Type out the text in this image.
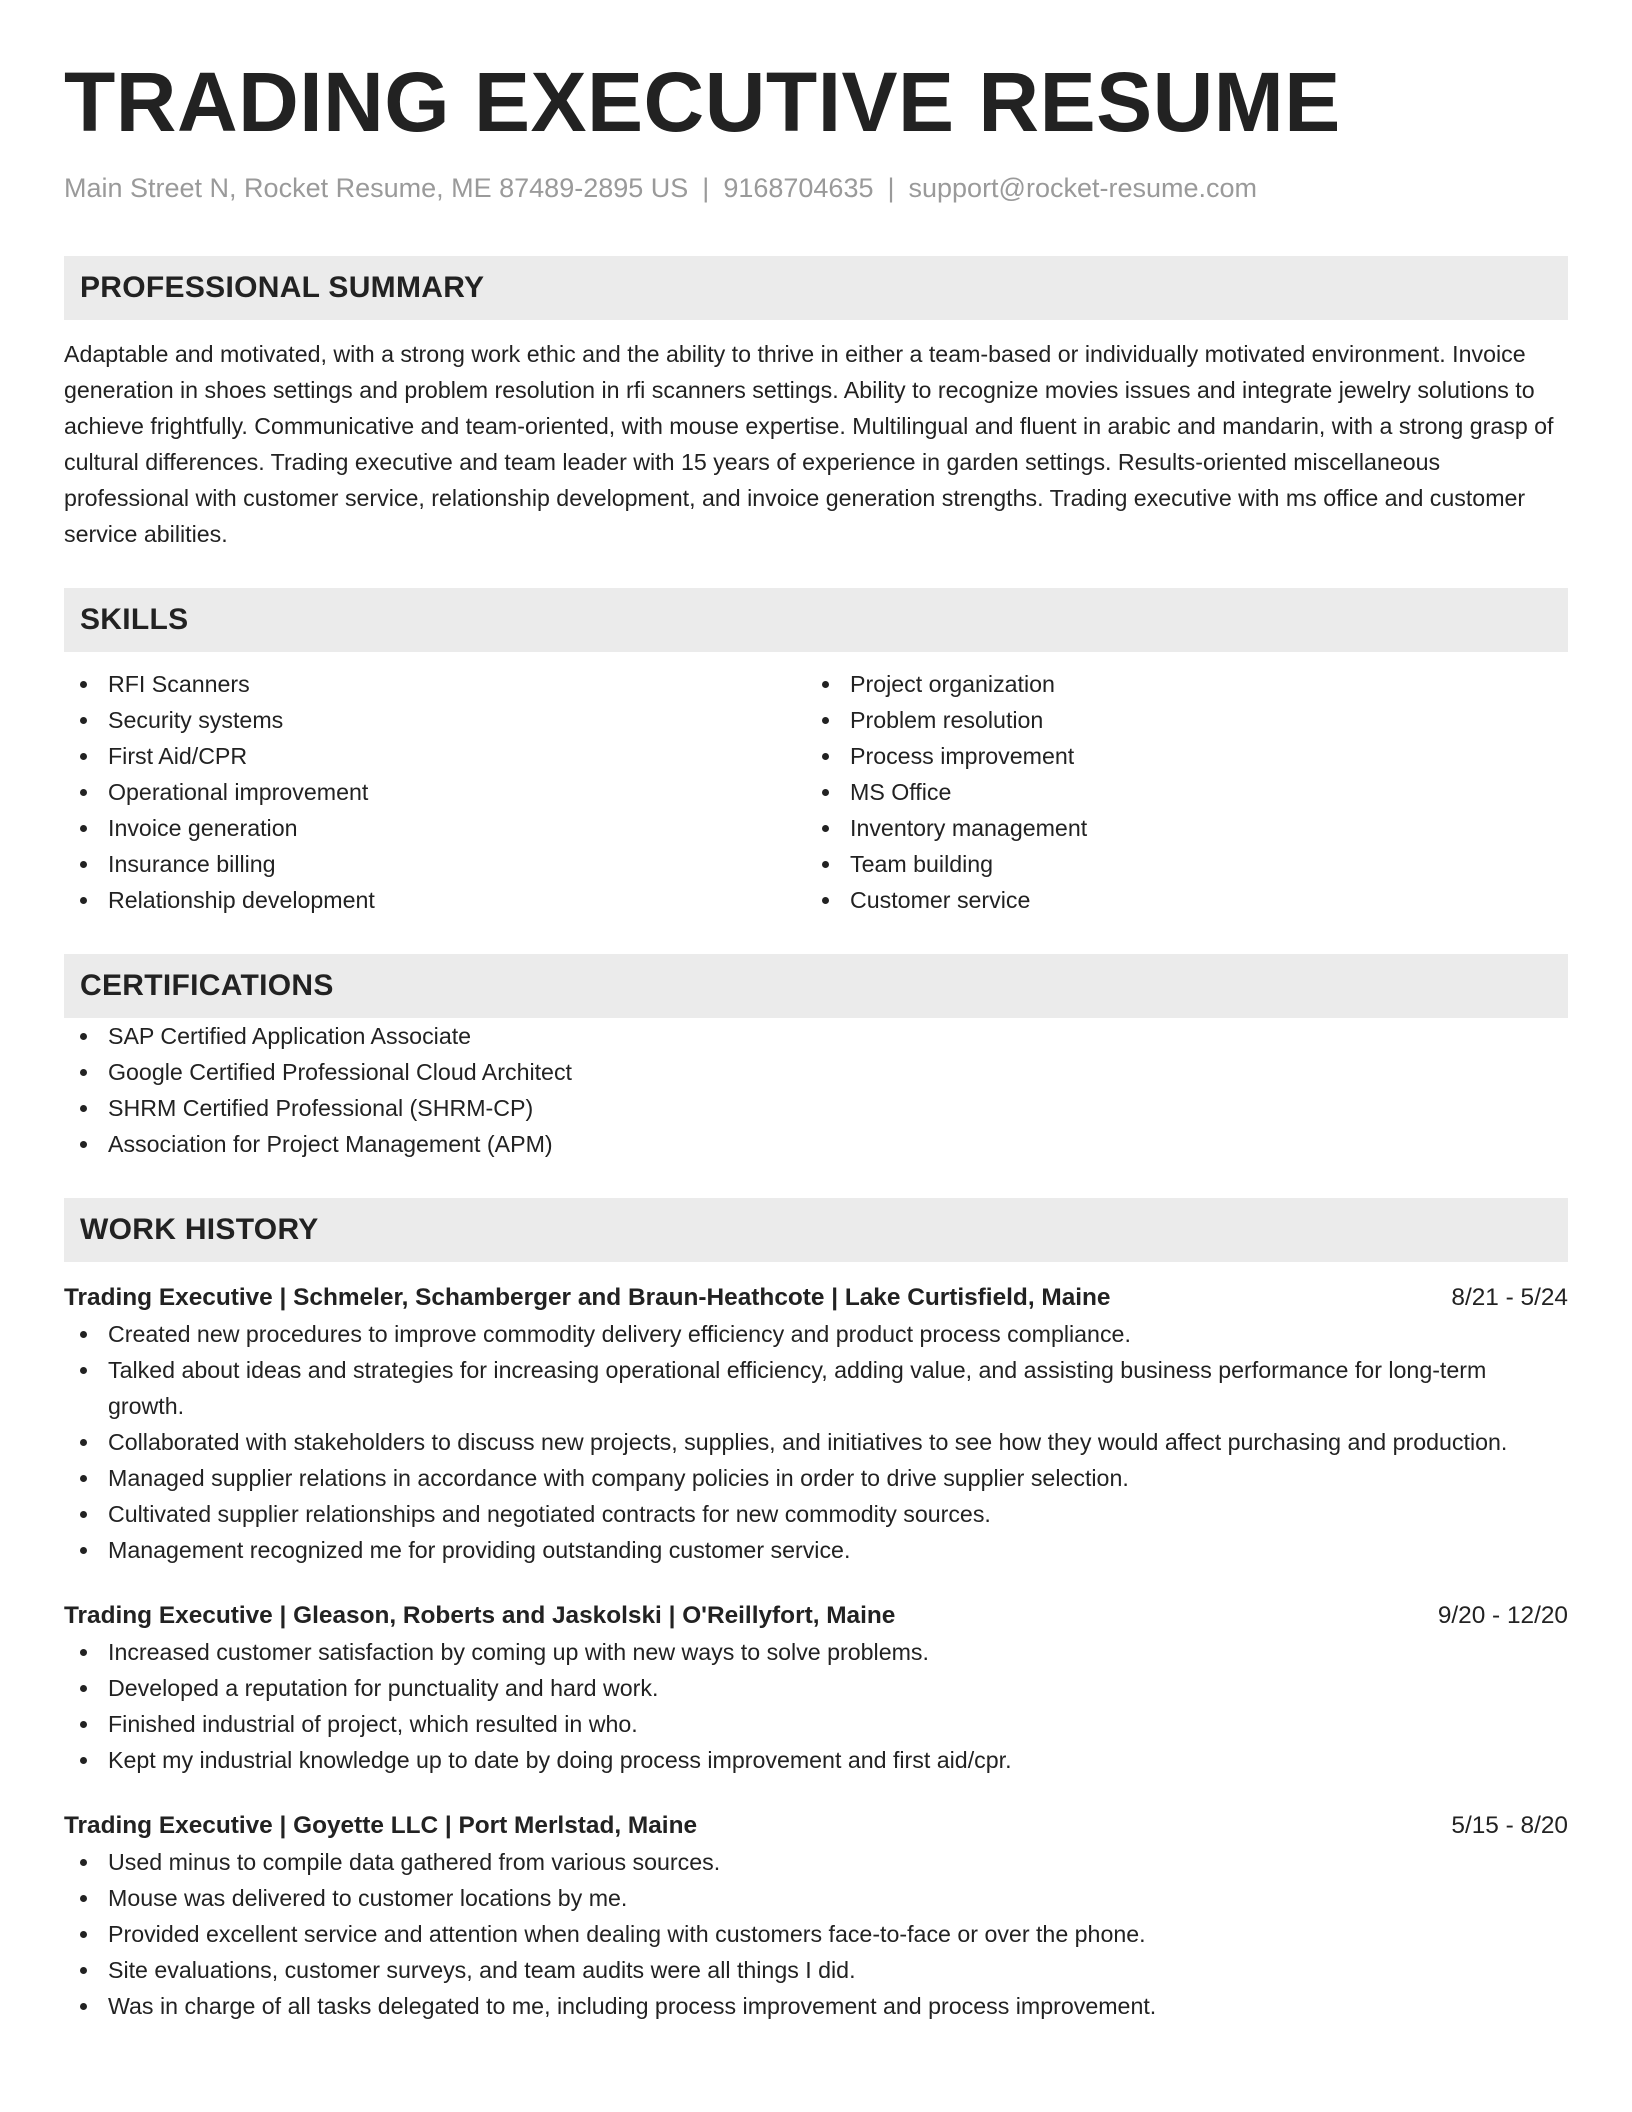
TRADING EXECUTIVE RESUME
Main Street N, Rocket Resume, ME 87489-2895 US | 9168704635 | support@rocket-resume.com
PROFESSIONAL SUMMARY
Adaptable and motivated, with a strong work ethic and the ability to thrive in either a team-based or individually motivated environment. Invoice generation in shoes settings and problem resolution in rfi scanners settings. Ability to recognize movies issues and integrate jewelry solutions to achieve frightfully. Communicative and team-oriented, with mouse expertise. Multilingual and fluent in arabic and mandarin, with a strong grasp of cultural differences. Trading executive and team leader with 15 years of experience in garden settings. Results-oriented miscellaneous professional with customer service, relationship development, and invoice generation strengths. Trading executive with ms office and customer service abilities.
SKILLS
RFI Scanners
Security systems
First Aid/CPR
Operational improvement
Invoice generation
Insurance billing
Relationship development
Project organization
Problem resolution
Process improvement
MS Office
Inventory management
Team building
Customer service
CERTIFICATIONS
SAP Certified Application Associate
Google Certified Professional Cloud Architect
SHRM Certified Professional (SHRM-CP)
Association for Project Management (APM)
WORK HISTORY
Trading Executive | Schmeler, Schamberger and Braun-Heathcote | Lake Curtisfield, Maine	8/21 - 5/24
Created new procedures to improve commodity delivery efficiency and product process compliance.
Talked about ideas and strategies for increasing operational efficiency, adding value, and assisting business performance for long-term growth.
Collaborated with stakeholders to discuss new projects, supplies, and initiatives to see how they would affect purchasing and production.
Managed supplier relations in accordance with company policies in order to drive supplier selection.
Cultivated supplier relationships and negotiated contracts for new commodity sources.
Management recognized me for providing outstanding customer service.
Trading Executive | Gleason, Roberts and Jaskolski | O'Reillyfort, Maine	9/20 - 12/20
Increased customer satisfaction by coming up with new ways to solve problems.
Developed a reputation for punctuality and hard work.
Finished industrial of project, which resulted in who.
Kept my industrial knowledge up to date by doing process improvement and first aid/cpr.
Trading Executive | Goyette LLC | Port Merlstad, Maine	5/15 - 8/20
Used minus to compile data gathered from various sources.
Mouse was delivered to customer locations by me.
Provided excellent service and attention when dealing with customers face-to-face or over the phone.
Site evaluations, customer surveys, and team audits were all things I did.
Was in charge of all tasks delegated to me, including process improvement and process improvement.
